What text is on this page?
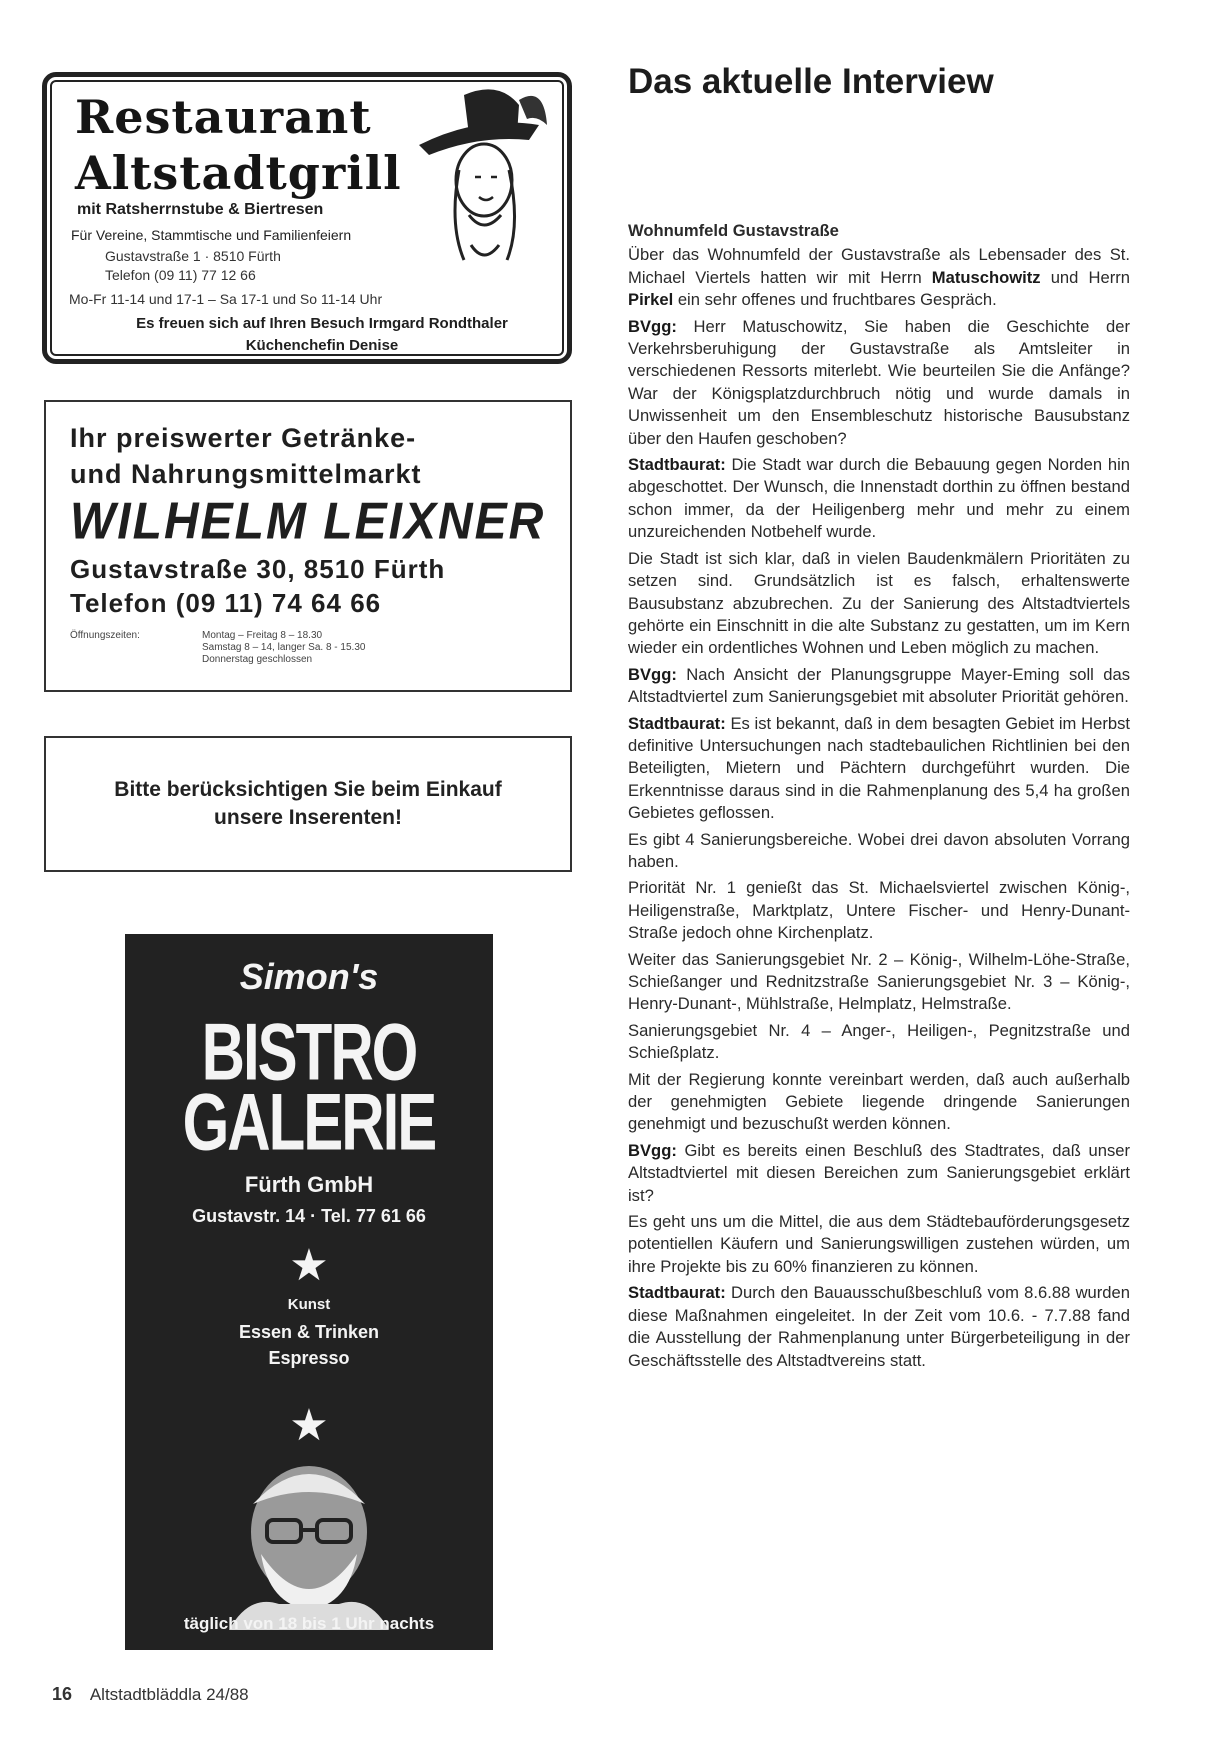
Restaurant
Altstadtgrill
mit Ratsherrnstube & Biertresen
Für Vereine, Stammtische und Familienfeiern
Gustavstraße 1 · 8510 Fürth
Telefon (09 11) 77 12 66
Mo-Fr 11-14 und 17-1 – Sa 17-1 und So 11-14 Uhr
Es freuen sich auf Ihren Besuch Irmgard Rondthaler
Küchenchefin Denise
Ihr preiswerter Getränke-
und Nahrungsmittelmarkt
WILHELM LEIXNER
Gustavstraße 30, 8510 Fürth
Telefon (09 11) 74 64 66
Öffnungszeiten:	Montag – Freitag 8 – 18.30
Samstag 8 – 14, langer Sa. 8 - 15.30
Donnerstag geschlossen
Bitte berücksichtigen Sie beim Einkauf
unsere Inserenten!
Simon's
BISTRO
GALERIE
Fürth GmbH
Gustavstr. 14 · Tel. 77 61 66
★
Kunst
Essen & Trinken
Espresso
★
täglich von 18 bis 1 Uhr nachts
16 Altstadtbläddla 24/88
Das aktuelle Interview
Wohnumfeld Gustavstraße

Über das Wohnumfeld der Gustavstraße als Lebensader des St. Michael Viertels hatten wir mit Herrn Matuschowitz und Herrn Pirkel ein sehr offenes und fruchtbares Gespräch.

BVgg: Herr Matuschowitz, Sie haben die Geschichte der Verkehrsberuhigung der Gustavstraße als Amtsleiter in verschiedenen Ressorts miterlebt. Wie beurteilen Sie die Anfänge? War der Königsplatzdurchbruch nötig und wurde damals in Unwissenheit um den Ensembleschutz historische Bausubstanz über den Haufen geschoben?

Stadtbaurat: Die Stadt war durch die Bebauung gegen Norden hin abgeschottet. Der Wunsch, die Innenstadt dorthin zu öffnen bestand schon immer, da der Heiligenberg mehr und mehr zu einem unzureichenden Notbehelf wurde.

Die Stadt ist sich klar, daß in vielen Baudenkmälern Prioritäten zu setzen sind. Grundsätzlich ist es falsch, erhaltenswerte Bausubstanz abzubrechen. Zu der Sanierung des Altstadtviertels gehörte ein Einschnitt in die alte Substanz zu gestatten, um im Kern wieder ein ordentliches Wohnen und Leben möglich zu machen.

BVgg: Nach Ansicht der Planungsgruppe Mayer-Eming soll das Altstadtviertel zum Sanierungsgebiet mit absoluter Priorität gehören.

Stadtbaurat: Es ist bekannt, daß in dem besagten Gebiet im Herbst definitive Untersuchungen nach stadtebaulichen Richtlinien bei den Beteiligten, Mietern und Pächtern durchgeführt wurden. Die Erkenntnisse daraus sind in die Rahmenplanung des 5,4 ha großen Gebietes geflossen.

Es gibt 4 Sanierungsbereiche. Wobei drei davon absoluten Vorrang haben.

Priorität Nr. 1 genießt das St. Michaelsviertel zwischen König-, Heiligenstraße, Marktplatz, Untere Fischer- und Henry-Dunant-Straße jedoch ohne Kirchenplatz.

Weiter das Sanierungsgebiet Nr. 2 – König-, Wilhelm-Löhe-Straße, Schießanger und Rednitzstraße Sanierungsgebiet Nr. 3 – König-, Henry-Dunant-, Mühlstraße, Helmplatz, Helmstraße.

Sanierungsgebiet Nr. 4 – Anger-, Heiligen-, Pegnitzstraße und Schießplatz.

Mit der Regierung konnte vereinbart werden, daß auch außerhalb der genehmigten Gebiete liegende dringende Sanierungen genehmigt und bezuschußt werden können.

BVgg: Gibt es bereits einen Beschluß des Stadtrates, daß unser Altstadtviertel mit diesen Bereichen zum Sanierungsgebiet erklärt ist?

Es geht uns um die Mittel, die aus dem Städtebauförderungsgesetz potentiellen Käufern und Sanierungswilligen zustehen würden, um ihre Projekte bis zu 60% finanzieren zu können.

Stadtbaurat: Durch den Bauausschußbeschluß vom 8.6.88 wurden diese Maßnahmen eingeleitet. In der Zeit vom 10.6. - 7.7.88 fand die Ausstellung der Rahmenplanung unter Bürgerbeteiligung in der Geschäftsstelle des Altstadtvereins statt.
